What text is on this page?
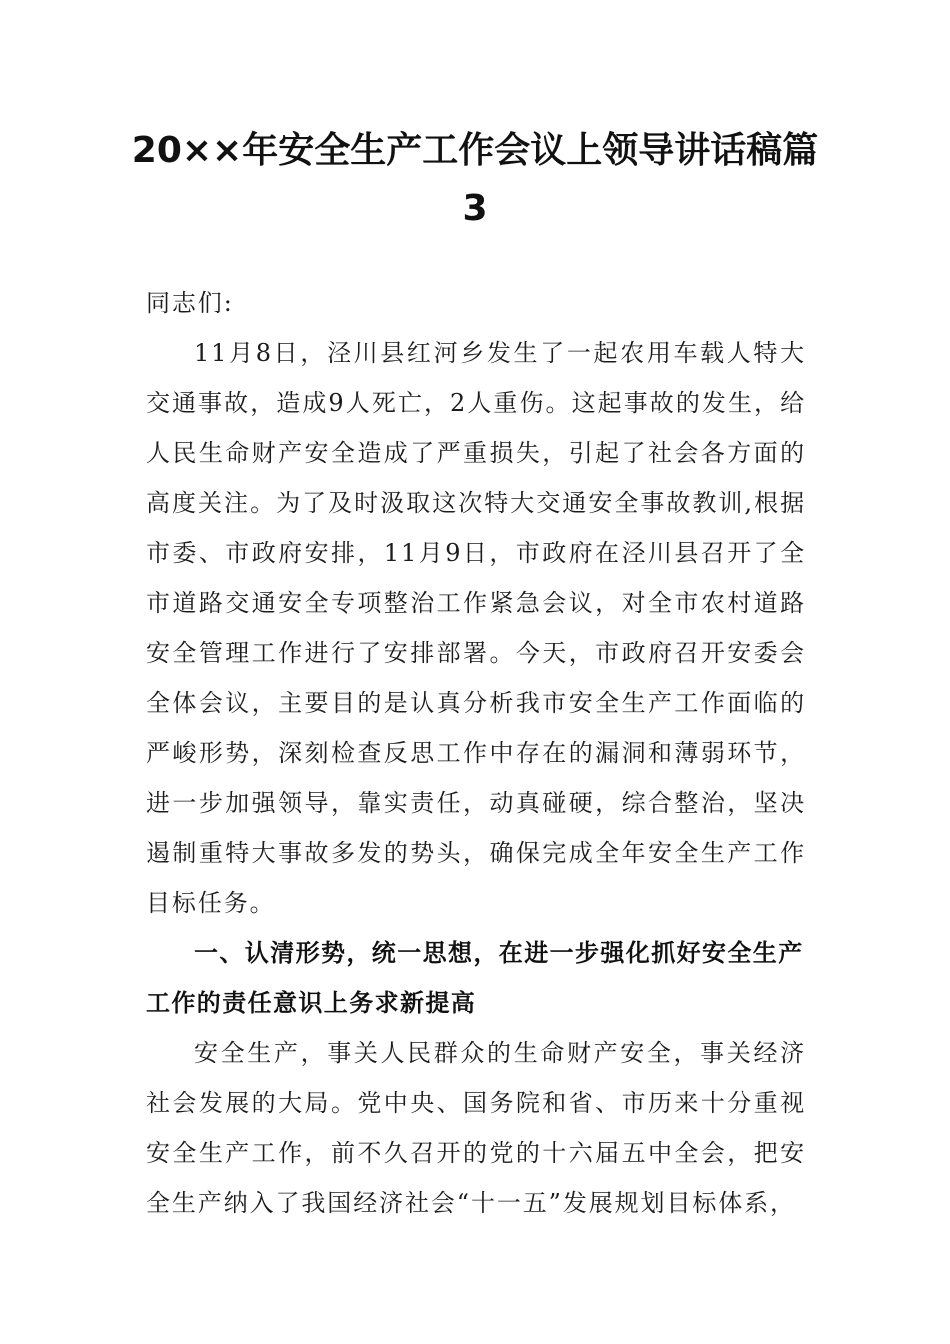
20××年安全生产工作会议上领导讲话稿篇3

同志们:

11月8日，泾川县红河乡发生了一起农用车载人特大交通事故，造成9人死亡，2人重伤。这起事故的发生，给人民生命财产安全造成了严重损失，引起了社会各方面的高度关注。为了及时汲取这次特大交通安全事故教训,根据市委、市政府安排，11月9日，市政府在泾川县召开了全市道路交通安全专项整治工作紧急会议，对全市农村道路安全管理工作进行了安排部署。今天，市政府召开安委会全体会议，主要目的是认真分析我市安全生产工作面临的严峻形势，深刻检查反思工作中存在的漏洞和薄弱环节，进一步加强领导，靠实责任，动真碰硬，综合整治，坚决遏制重特大事故多发的势头，确保完成全年安全生产工作目标任务。

一、认清形势，统一思想，在进一步强化抓好安全生产工作的责任意识上务求新提高

安全生产，事关人民群众的生命财产安全，事关经济社会发展的大局。党中央、国务院和省、市历来十分重视安全生产工作，前不久召开的党的十六届五中全会，把安全生产纳入了我国经济社会“十一五”发展规划目标体系，
